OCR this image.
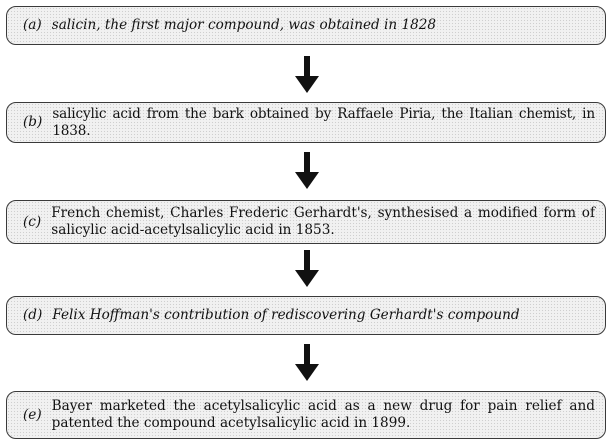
(a) salicin, the first major compound, was obtained in 1828
(b)
salicylic acid from the bark obtained by Raffaele Piria, the Italian chemist, in 1838.
(c)
French chemist, Charles Frederic Gerhardt's, synthesised a modified form of salicylic acid-acetylsalicylic acid in 1853.
(d) Felix Hoffman's contribution of rediscovering Gerhardt's compound
(e)
Bayer marketed the acetylsalicylic acid as a new drug for pain relief and patented the compound acetylsalicylic acid in 1899.
